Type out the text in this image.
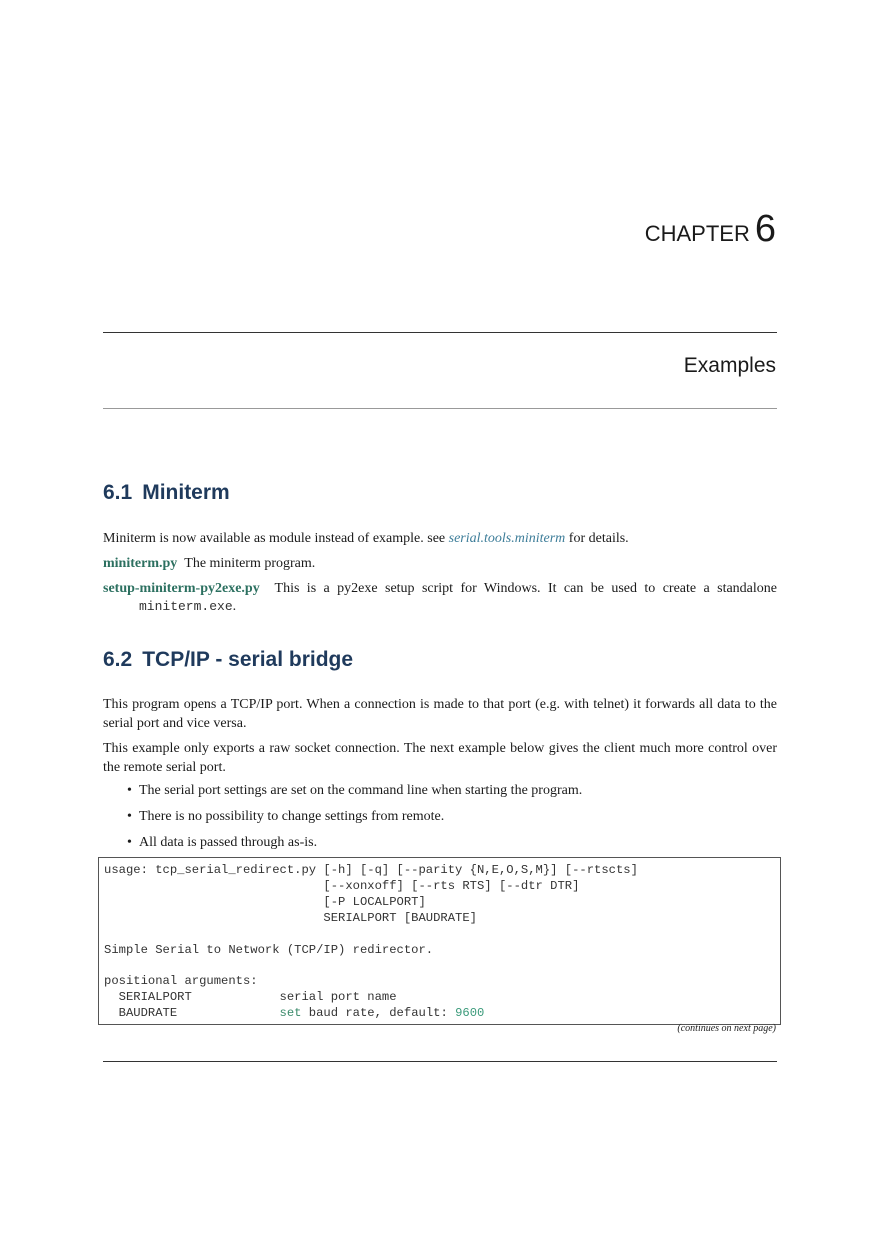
CHAPTER 6
Examples
6.1 Miniterm
Miniterm is now available as module instead of example. see serial.tools.miniterm for details.
miniterm.py The miniterm program.
setup-miniterm-py2exe.py This is a py2exe setup script for Windows. It can be used to create a standalone
miniterm.exe.
6.2 TCP/IP - serial bridge
This program opens a TCP/IP port. When a connection is made to that port (e.g. with telnet) it forwards all data to the serial port and vice versa.
This example only exports a raw socket connection. The next example below gives the client much more control over the remote serial port.
• The serial port settings are set on the command line when starting the program.
• There is no possibility to change settings from remote.
• All data is passed through as-is.
usage: tcp_serial_redirect.py [-h] [-q] [--parity {N,E,O,S,M}] [--rtscts]
[--xonxoff] [--rts RTS] [--dtr DTR]
[-P LOCALPORT]
SERIALPORT [BAUDRATE]

Simple Serial to Network (TCP/IP) redirector.

positional arguments:
SERIALPORT            serial port name
BAUDRATE              set baud rate, default: 9600
(continues on next page)
